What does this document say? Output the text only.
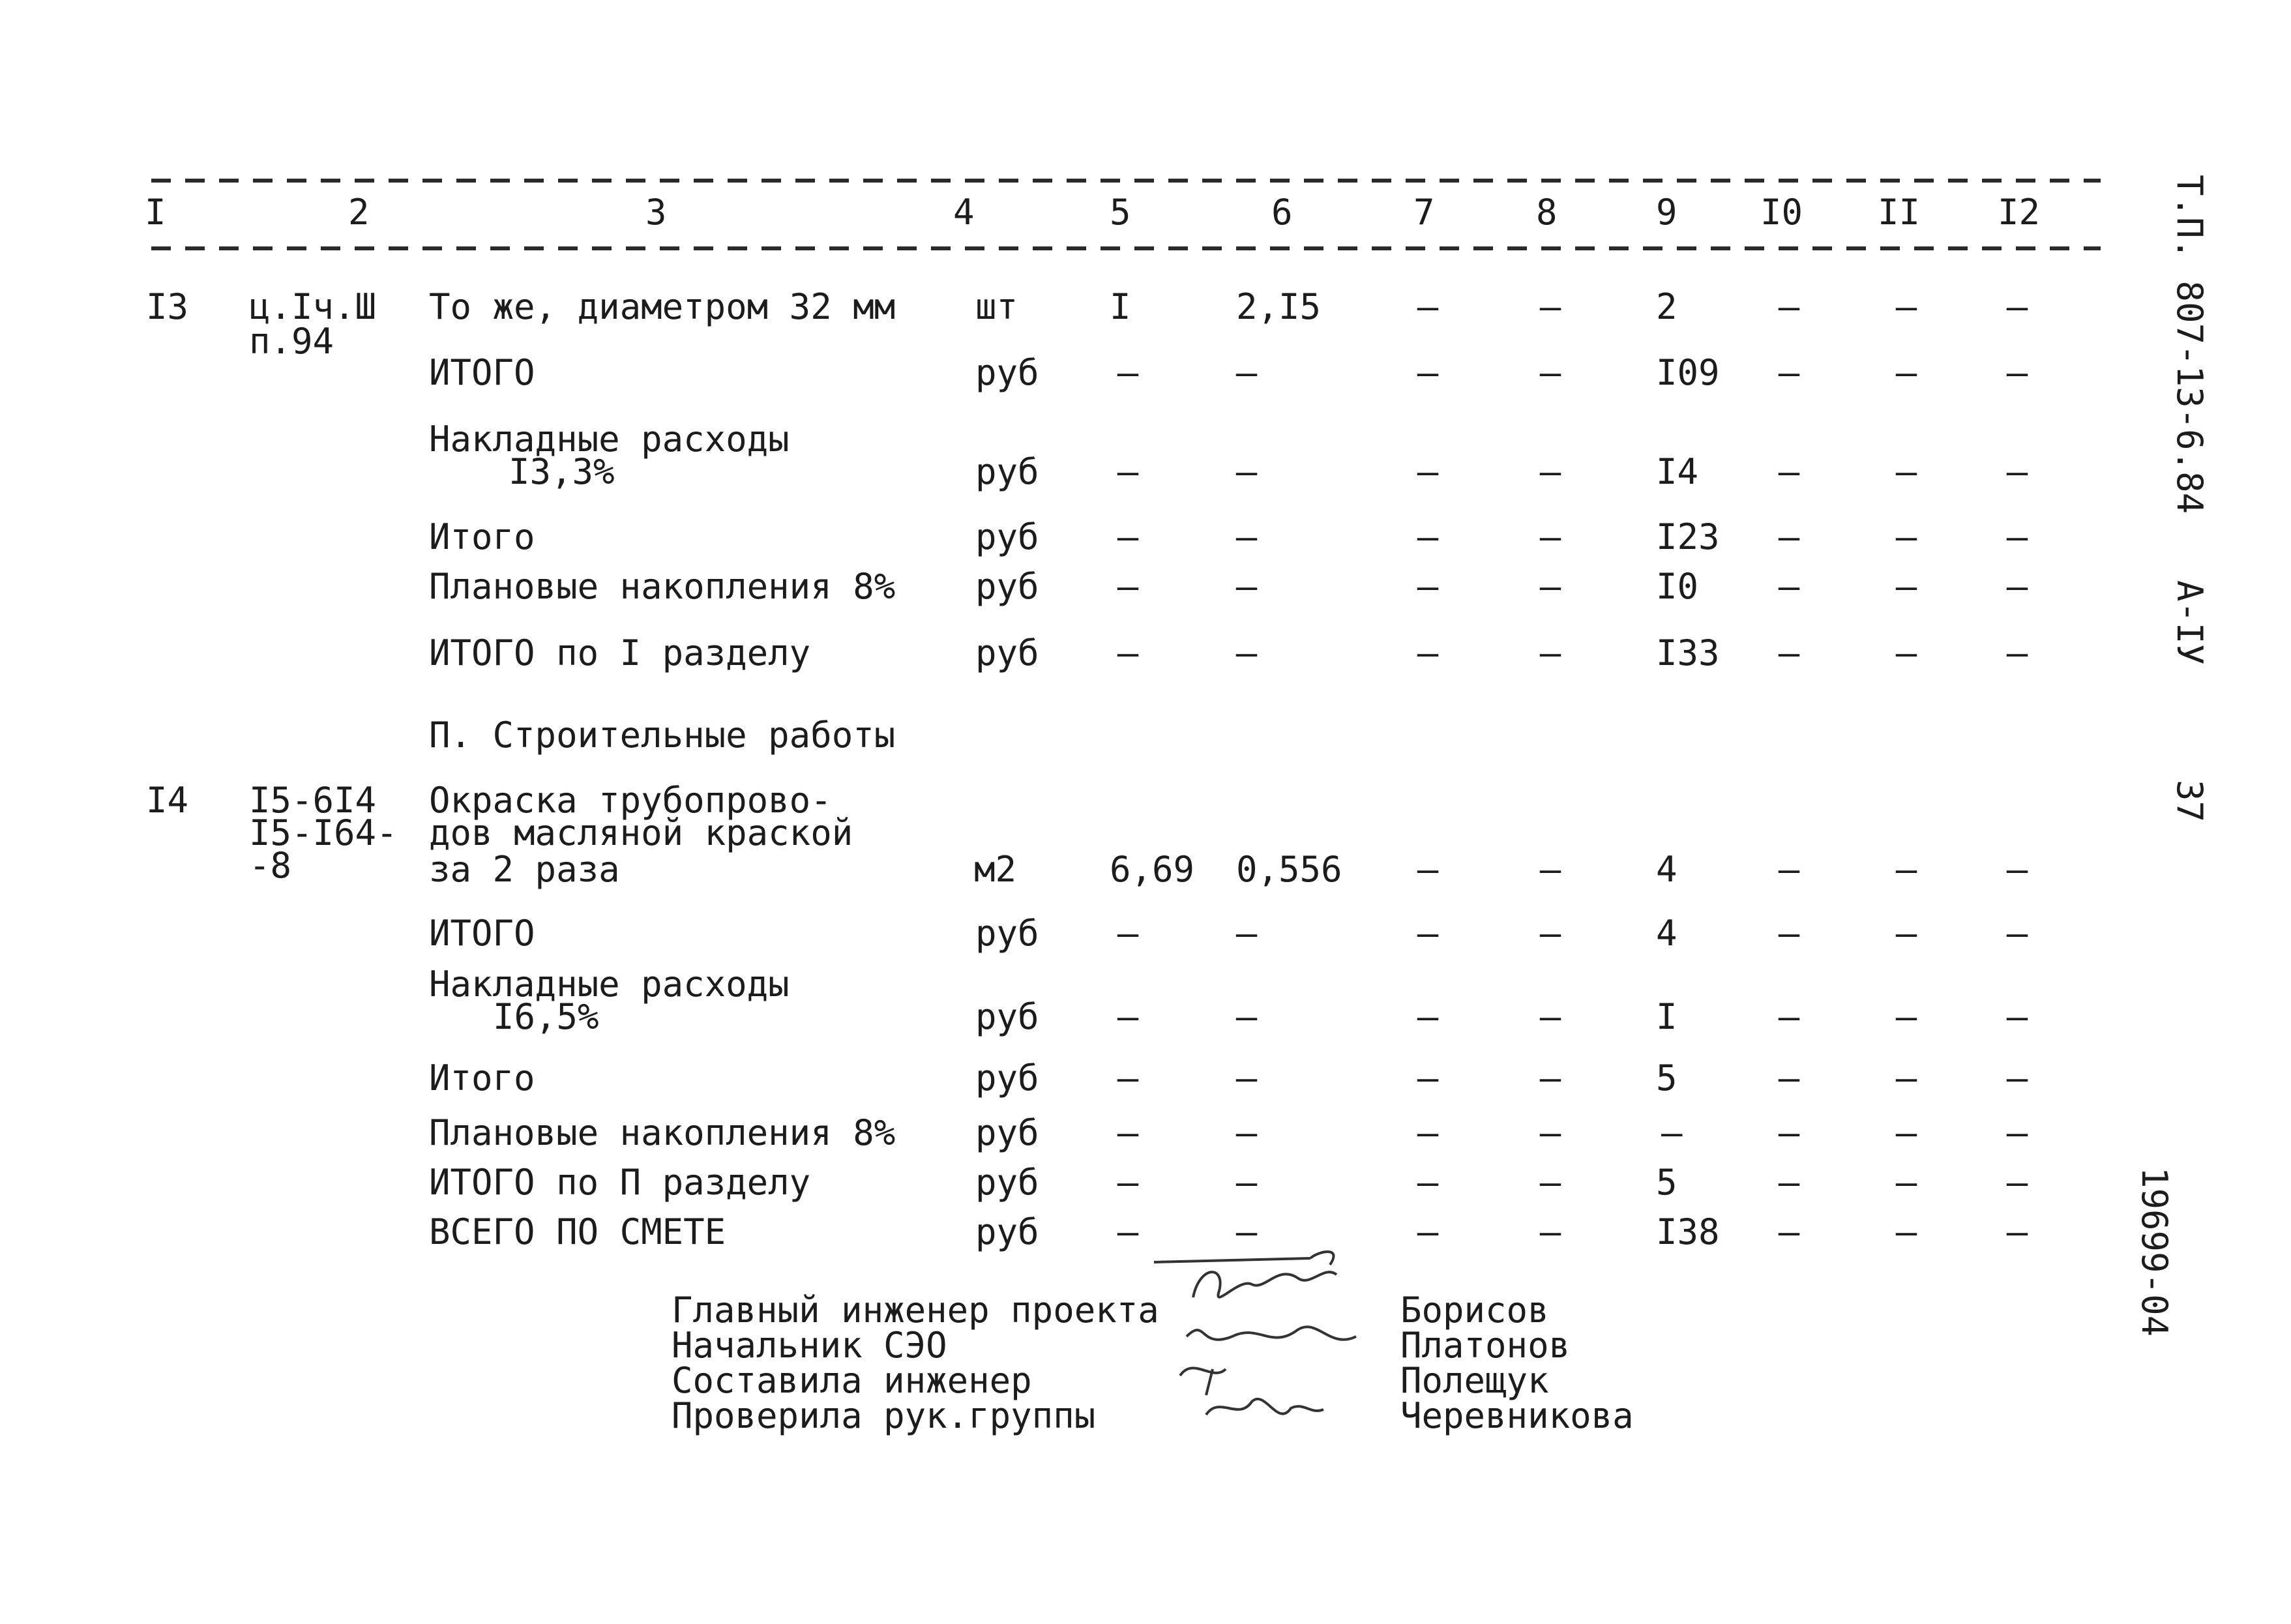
I	2	3	4	5	6	7	8	9 I0 II I2
I3 ц.Iч.Ш
п.94
То же, диаметром 32 мм шт	I	2,I5	–	–	2	–	–	–
ИТОГО	руб –	–	–	–	I09 –	–	–
Накладные расходы
I3,3%	руб –	–	–	–	I4 –	–	–
Итого	руб –	–	–	–	I23 –	–	–
Плановые накопления 8% руб –	–	–	–	I0 –	–	–
ИТОГО по I разделу	руб –	–	–	–	I33 –	–	–
П. Строительные работы
I4 I5-6I4
I5-I64-
-8
Окраска трубопрово-
дов масляной краской
за 2 раза	м2	6,69 0,556 –	–	4	–	–	–
ИТОГО	руб –	–	–	–	4	–	–	–
Накладные расходы
I6,5%	руб –	–	–	–	I	–	–	–
Итого	руб –	–	–	–	5	–	–	–
Плановые накопления 8% руб –	–	–	–	–	–	–	–
ИТОГО по П разделу	руб –	–	–	–	5	–	–	–
ВСЕГО ПО СМЕТЕ	руб –	–	–	–	I38 –	–	–
Главный инженер проекта
Начальник СЭО
Составила инженер
Проверила рук.группы
Борисов
Платонов
Полещук
Черевникова
Т.П. 807-13-6.84
А-IУ
37
19699-04
